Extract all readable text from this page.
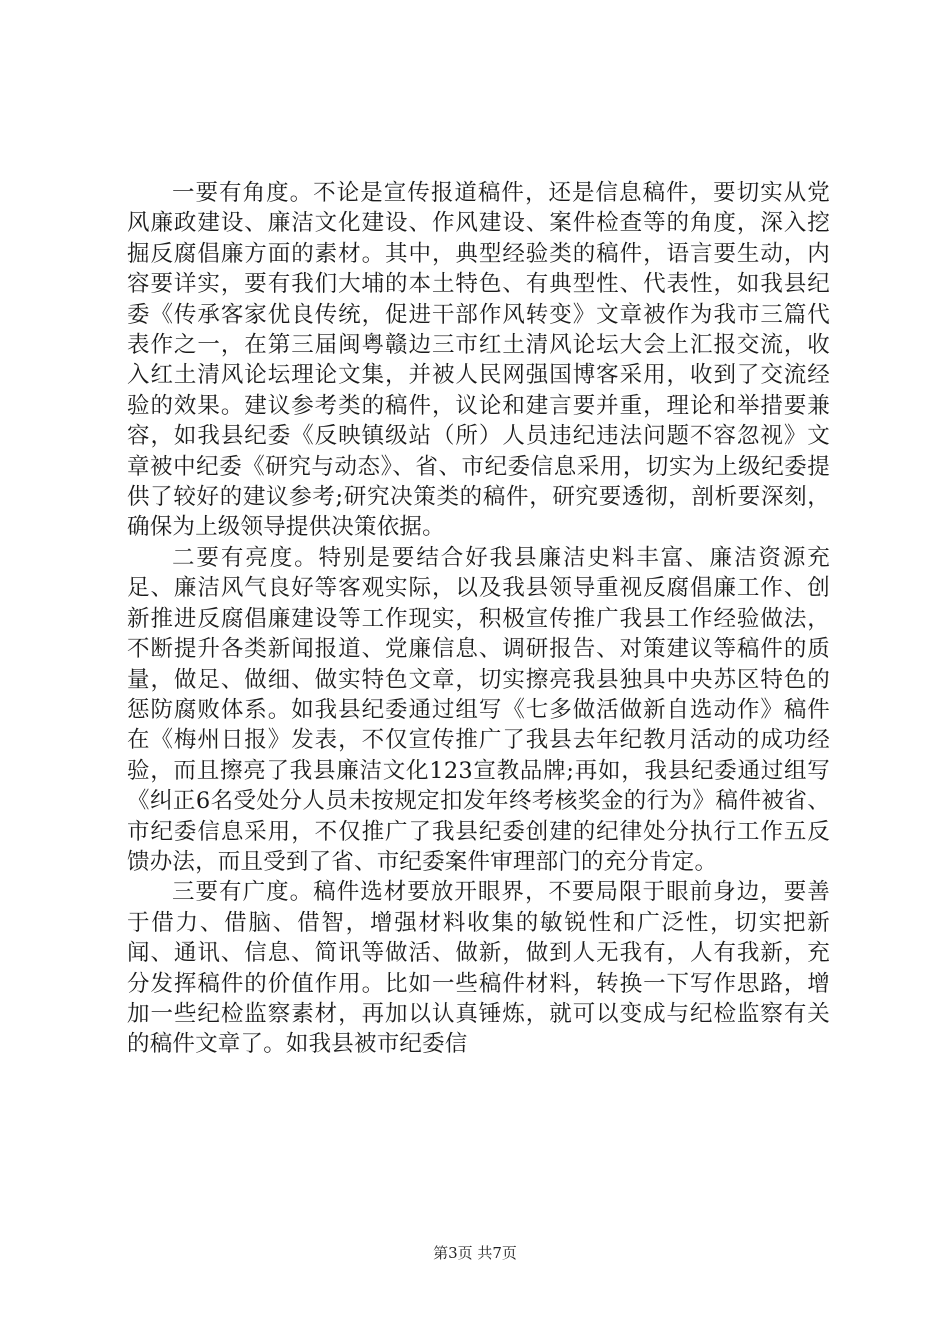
一要有角度。不论是宣传报道稿件，还是信息稿件，要切实从党风廉政建设、廉洁文化建设、作风建设、案件检查等的角度，深入挖掘反腐倡廉方面的素材。其中，典型经验类的稿件，语言要生动，内容要详实，要有我们大埔的本土特色、有典型性、代表性，如我县纪委《传承客家优良传统，促进干部作风转变》文章被作为我市三篇代表作之一，在第三届闽粤赣边三市红土清风论坛大会上汇报交流，收入红土清风论坛理论文集，并被人民网强国博客采用，收到了交流经验的效果。建议参考类的稿件，议论和建言要并重，理论和举措要兼容，如我县纪委《反映镇级站（所）人员违纪违法问题不容忽视》文章被中纪委《研究与动态》、省、市纪委信息采用，切实为上级纪委提供了较好的建议参考;研究决策类的稿件，研究要透彻，剖析要深刻，确保为上级领导提供决策依据。

二要有亮度。特别是要结合好我县廉洁史料丰富、廉洁资源充足、廉洁风气良好等客观实际，以及我县领导重视反腐倡廉工作、创新推进反腐倡廉建设等工作现实，积极宣传推广我县工作经验做法，不断提升各类新闻报道、党廉信息、调研报告、对策建议等稿件的质量，做足、做细、做实特色文章，切实擦亮我县独具中央苏区特色的惩防腐败体系。如我县纪委通过组写《七多做活做新自选动作》稿件在《梅州日报》发表，不仅宣传推广了我县去年纪教月活动的成功经验，而且擦亮了我县廉洁文化123宣教品牌;再如，我县纪委通过组写《纠正6名受处分人员未按规定扣发年终考核奖金的行为》稿件被省、市纪委信息采用，不仅推广了我县纪委创建的纪律处分执行工作五反馈办法，而且受到了省、市纪委案件审理部门的充分肯定。

三要有广度。稿件选材要放开眼界，不要局限于眼前身边，要善于借力、借脑、借智，增强材料收集的敏锐性和广泛性，切实把新闻、通讯、信息、简讯等做活、做新，做到人无我有，人有我新，充分发挥稿件的价值作用。比如一些稿件材料，转换一下写作思路，增加一些纪检监察素材，再加以认真锤炼，就可以变成与纪检监察有关的稿件文章了。如我县被市纪委信

第3页 共7页
